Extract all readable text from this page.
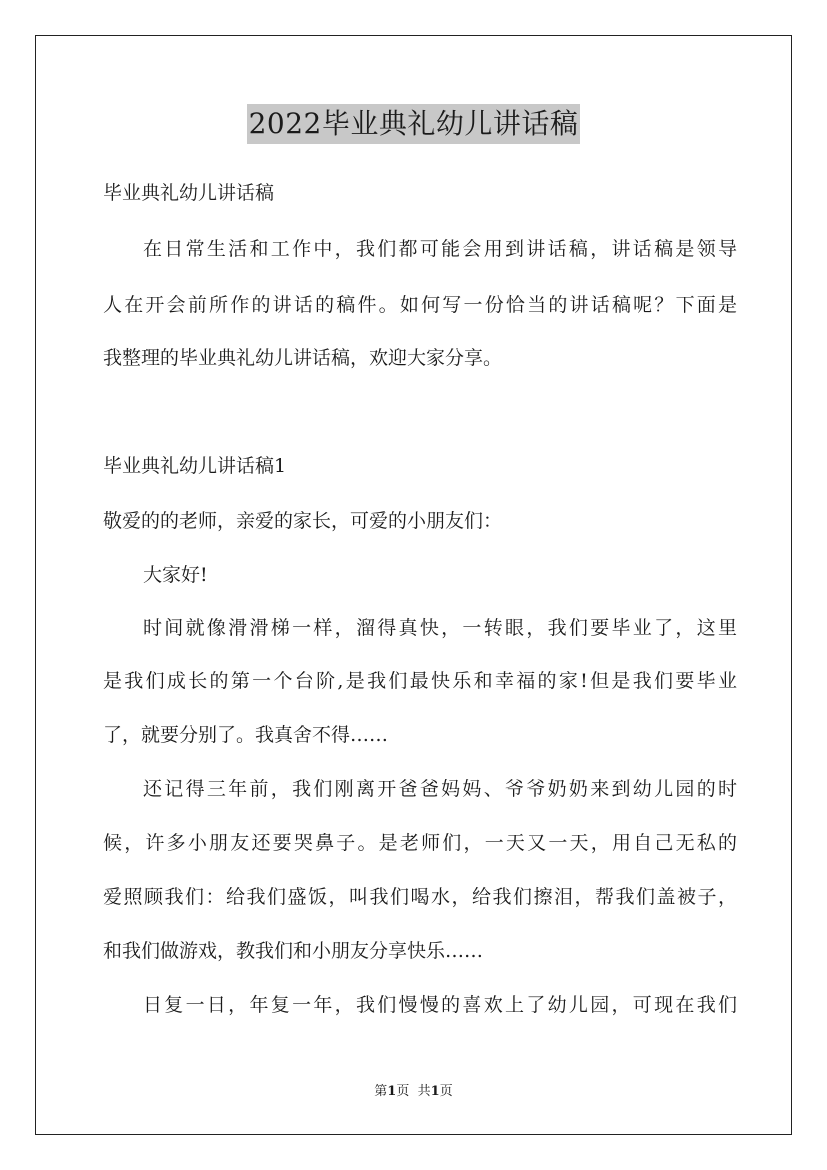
2022毕业典礼幼儿讲话稿
毕业典礼幼儿讲话稿
在日常生活和工作中，我们都可能会用到讲话稿，讲话稿是领导
人在开会前所作的讲话的稿件。如何写一份恰当的讲话稿呢？下面是
我整理的毕业典礼幼儿讲话稿，欢迎大家分享。
毕业典礼幼儿讲话稿1
敬爱的的老师，亲爱的家长，可爱的小朋友们：
大家好!
时间就像滑滑梯一样，溜得真快，一转眼，我们要毕业了，这里
是我们成长的第一个台阶,是我们最快乐和幸福的家!但是我们要毕业
了，就要分别了。我真舍不得……
还记得三年前，我们刚离开爸爸妈妈、爷爷奶奶来到幼儿园的时
候，许多小朋友还要哭鼻子。是老师们，一天又一天，用自己无私的
爱照顾我们：给我们盛饭，叫我们喝水，给我们擦泪，帮我们盖被子，
和我们做游戏，教我们和小朋友分享快乐……
日复一日，年复一年，我们慢慢的喜欢上了幼儿园，可现在我们
第1页 共1页
